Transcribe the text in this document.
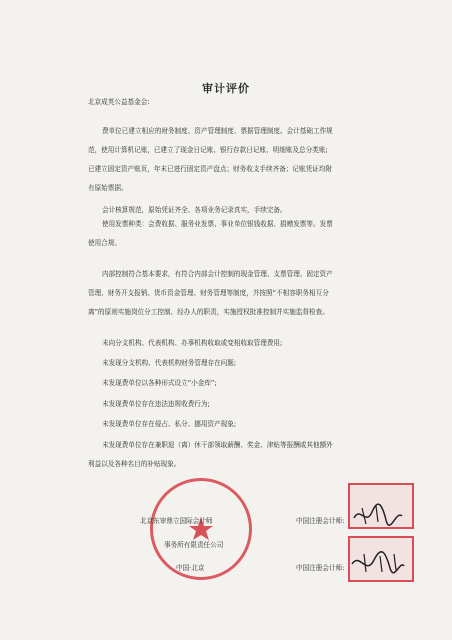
审计评价
北京成英公益基金会:
费单位已建立相应的财务制度、资产管理制度、票据管理制度。会计基础工作规
范，使用计算机记账，已建立了现金日记账、银行存款日记账、明细账及总分类账;
已建立固定资产账页，年末已进行固定资产盘点；财务收支手续齐备；记账凭证均附
有原始票据。
会计核算规范，原始凭证齐全、各项业务记录真实，手续完备。
使用发票种类：会费收据、服务业发票、事业单位银钱收据、捐赠发票等。发票
使用合规。
内部控制符合基本要求，有符合内部会计控制的现金管理、支票管理、固定资产
管理、财务开支报销、货币资金管理、财务管理等制度，并按照“不相容职务相互分
离”的原则实施岗位分工控制、经办人的职责，实施授权批准控制并实施监督检查。
未向分支机构、代表机构、办事机构收取或变相收取管理费用;
未发现分支机构、代表机构财务管理存在问题;
未发现费单位以各种形式设立“小金库”;
未发现费单位存在违法违规收费行为;
未发现费单位存在侵占、私分、挪用资产现象;
未发现费单位存在兼职退（离）休干部领取薪酬、奖金、津贴等报酬或其他额外
利益以及各种名目的补贴现象。
北京东审鼎立国际会计师
事务所有限责任公司
中国·北京
中国注册会计师:
中国注册会计师:
